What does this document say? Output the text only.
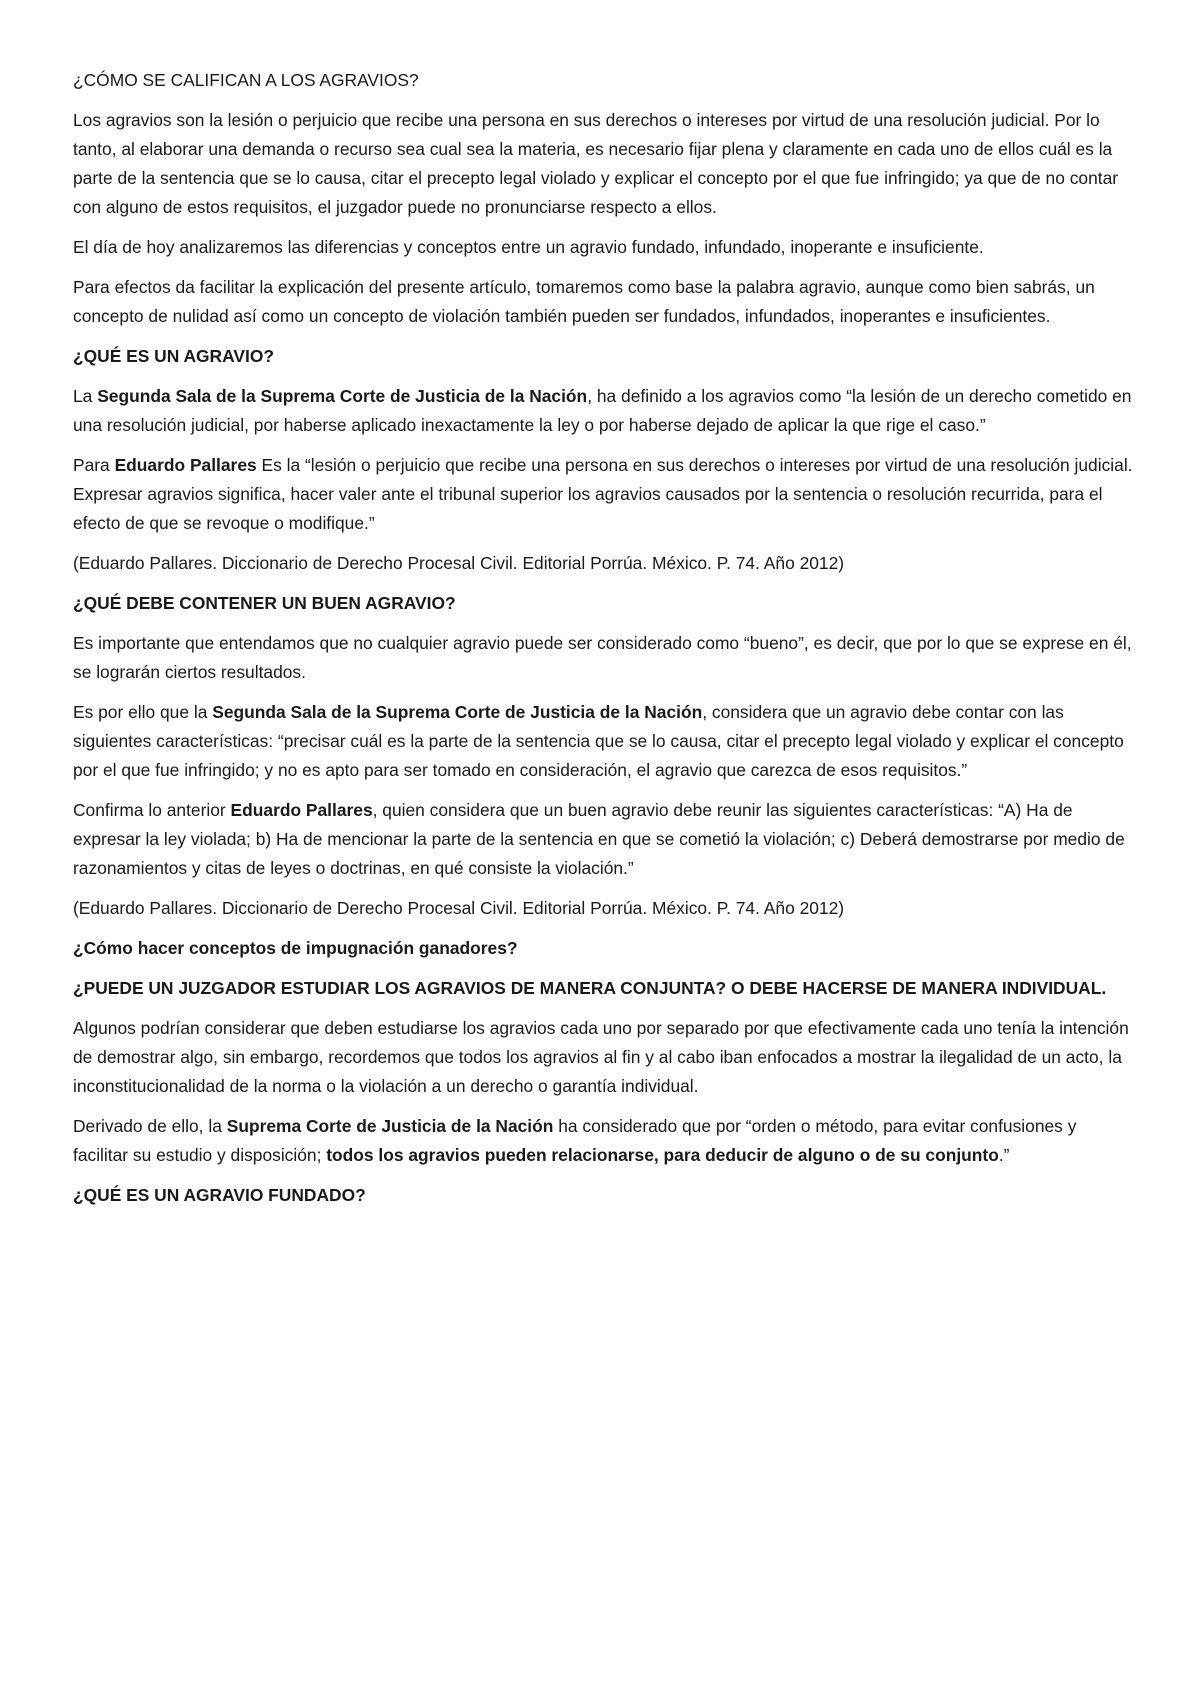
¿CÓMO SE CALIFICAN A LOS AGRAVIOS?

Los agravios son la lesión o perjuicio que recibe una persona en sus derechos o intereses por virtud de una resolución judicial. Por lo tanto, al elaborar una demanda o recurso sea cual sea la materia, es necesario fijar plena y claramente en cada uno de ellos cuál es la parte de la sentencia que se lo causa, citar el precepto legal violado y explicar el concepto por el que fue infringido; ya que de no contar con alguno de estos requisitos, el juzgador puede no pronunciarse respecto a ellos.

El día de hoy analizaremos las diferencias y conceptos entre un agravio fundado, infundado, inoperante e insuficiente.

Para efectos da facilitar la explicación del presente artículo, tomaremos como base la palabra agravio, aunque como bien sabrás, un concepto de nulidad así como un concepto de violación también pueden ser fundados, infundados, inoperantes e insuficientes.

¿QUÉ ES UN AGRAVIO?

La Segunda Sala de la Suprema Corte de Justicia de la Nación, ha definido a los agravios como “la lesión de un derecho cometido en una resolución judicial, por haberse aplicado inexactamente la ley o por haberse dejado de aplicar la que rige el caso.”

Para Eduardo Pallares Es la “lesión o perjuicio que recibe una persona en sus derechos o intereses por virtud de una resolución judicial. Expresar agravios significa, hacer valer ante el tribunal superior los agravios causados por la sentencia o resolución recurrida, para el efecto de que se revoque o modifique.”

(Eduardo Pallares. Diccionario de Derecho Procesal Civil. Editorial Porrúa. México. P. 74. Año 2012)

¿QUÉ DEBE CONTENER UN BUEN AGRAVIO?

Es importante que entendamos que no cualquier agravio puede ser considerado como “bueno”, es decir, que por lo que se exprese en él, se lograrán ciertos resultados.

Es por ello que la Segunda Sala de la Suprema Corte de Justicia de la Nación, considera que un agravio debe contar con las siguientes características: “precisar cuál es la parte de la sentencia que se lo causa, citar el precepto legal violado y explicar el concepto por el que fue infringido; y no es apto para ser tomado en consideración, el agravio que carezca de esos requisitos.”

Confirma lo anterior Eduardo Pallares, quien considera que un buen agravio debe reunir las siguientes características: “A) Ha de expresar la ley violada; b) Ha de mencionar la parte de la sentencia en que se cometió la violación; c) Deberá demostrarse por medio de razonamientos y citas de leyes o doctrinas, en qué consiste la violación.”

(Eduardo Pallares. Diccionario de Derecho Procesal Civil. Editorial Porrúa. México. P. 74. Año 2012)

¿Cómo hacer conceptos de impugnación ganadores?

¿PUEDE UN JUZGADOR ESTUDIAR LOS AGRAVIOS DE MANERA CONJUNTA? O DEBE HACERSE DE MANERA INDIVIDUAL.

Algunos podrían considerar que deben estudiarse los agravios cada uno por separado por que efectivamente cada uno tenía la intención de demostrar algo, sin embargo, recordemos que todos los agravios al fin y al cabo iban enfocados a mostrar la ilegalidad de un acto, la inconstitucionalidad de la norma o la violación a un derecho o garantía individual.

Derivado de ello, la Suprema Corte de Justicia de la Nación ha considerado que por “orden o método, para evitar confusiones y facilitar su estudio y disposición; todos los agravios pueden relacionarse, para deducir de alguno o de su conjunto.”

¿QUÉ ES UN AGRAVIO FUNDADO?
